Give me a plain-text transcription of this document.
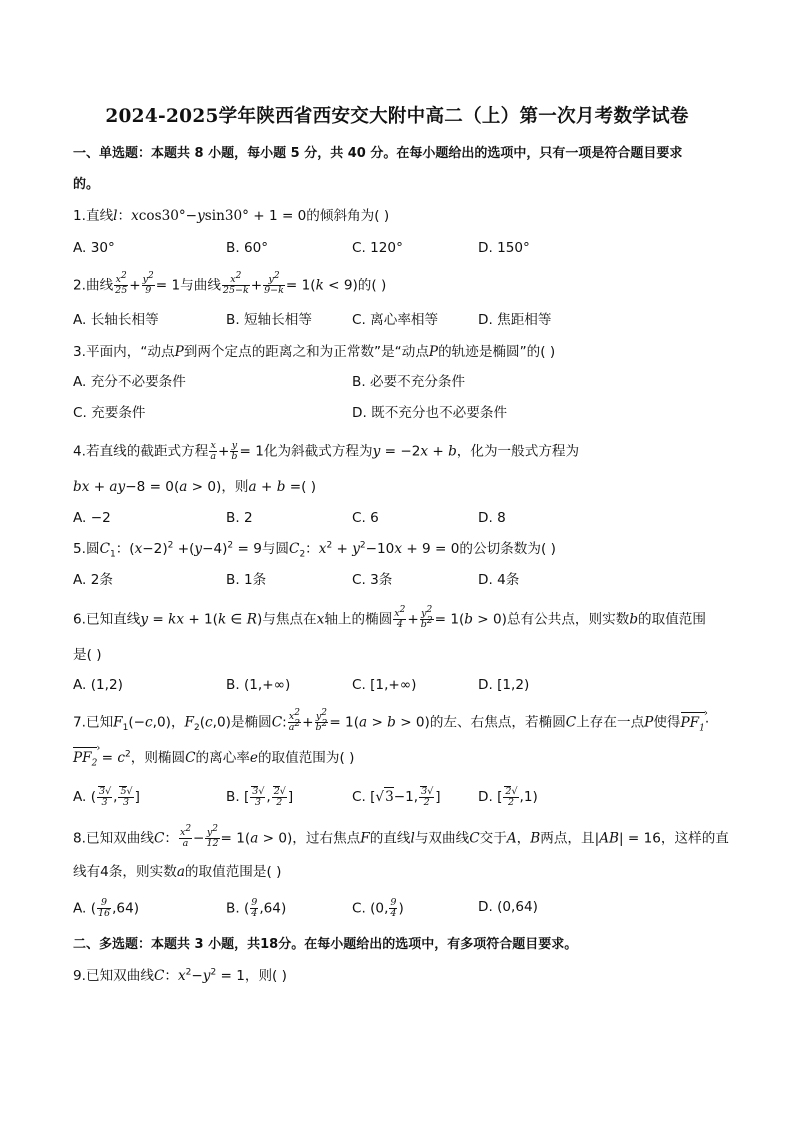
2024-2025学年陕西省西安交大附中高二（上）第一次月考数学试卷
一、单选题：本题共 8 小题，每小题 5 分，共 40 分。在每小题给出的选项中，只有一项是符合题目要求
的。
1.直线l：xcos30°−ysin30° + 1 = 0的倾斜角为( )
A. 30°	B. 60°	C. 120°	D. 150°
2.曲线 $\frac{x^2}{25} + \frac{y^2}{9} = 1$与曲线 $\frac{x^2}{25-k} + \frac{y^2}{9-k} = 1(k < 9)$的( )
A. 长轴长相等	B. 短轴长相等	C. 离心率相等	D. 焦距相等
3.平面内，“动点P到两个定点的距离之和为正常数”是“动点P的轨迹是椭圆”的( )
A. 充分不必要条件	B. 必要不充分条件
C. 充要条件	D. 既不充分也不必要条件
4.若直线的截距式方程 $\frac{x}{a} + \frac{y}{b} = 1$化为斜截式方程为y = −2x + b，化为一般式方程为
bx + ay−8 = 0(a > 0)，则a + b =( )
A. −2	B. 2	C. 6	D. 8
5.圆$C_1$：$(x-2)^2 +(y-4)^2 = 9$与圆$C_2$：$x^2 + y^2-10x + 9 = 0$的公切条数为( )
A. 2条	B. 1条	C. 3条	D. 4条
6.已知直线y = kx + 1(k ∈ R)与焦点在x轴上的椭圆 $\frac{x^2}{4} + \frac{y^2}{b^2} = 1(b > 0)$总有公共点，则实数b的取值范围
是( )
A. (1,2)	B. (1,+∞)	C. [1,+∞)	D. [1,2)
7.已知$F_1(-c,0)$，$F_2(c,0)$是椭圆C: $\frac{x^2}{a^2} + \frac{y^2}{b^2} = 1(a > b > 0)$的左、右焦点，若椭圆C上存在一点P使得$PF_1$ ›·
$PF_2$ › = $c^2$，则椭圆C的离心率e的取值范围为( )
A. ( $\frac{3√}{3}$ , $\frac{5√}{3}$ ]	B. [ $\frac{3√}{3}$ , $\frac{2√}{2}$ ]	C. [√3−1, $\frac{3√}{2}$ ]	D. [ $\frac{2√}{2} ,1$)
8.已知双曲线C： $\frac{x^2}{a} - \frac{y^2}{12} = 1(a > 0)$，过右焦点F的直线l与双曲线C交于A，B两点，且|AB| = 16，这样的直
线有4条，则实数a的取值范围是( )
A. ( $\frac{9}{16} ,64$)	B. ( $\frac{9}{4} ,64$)	C. (0, $\frac{9}{4}$ )	D. (0,64)
二、多选题：本题共 3 小题，共18分。在每小题给出的选项中，有多项符合题目要求。
9.已知双曲线C：$x^2-y^2 = 1$，则( )
